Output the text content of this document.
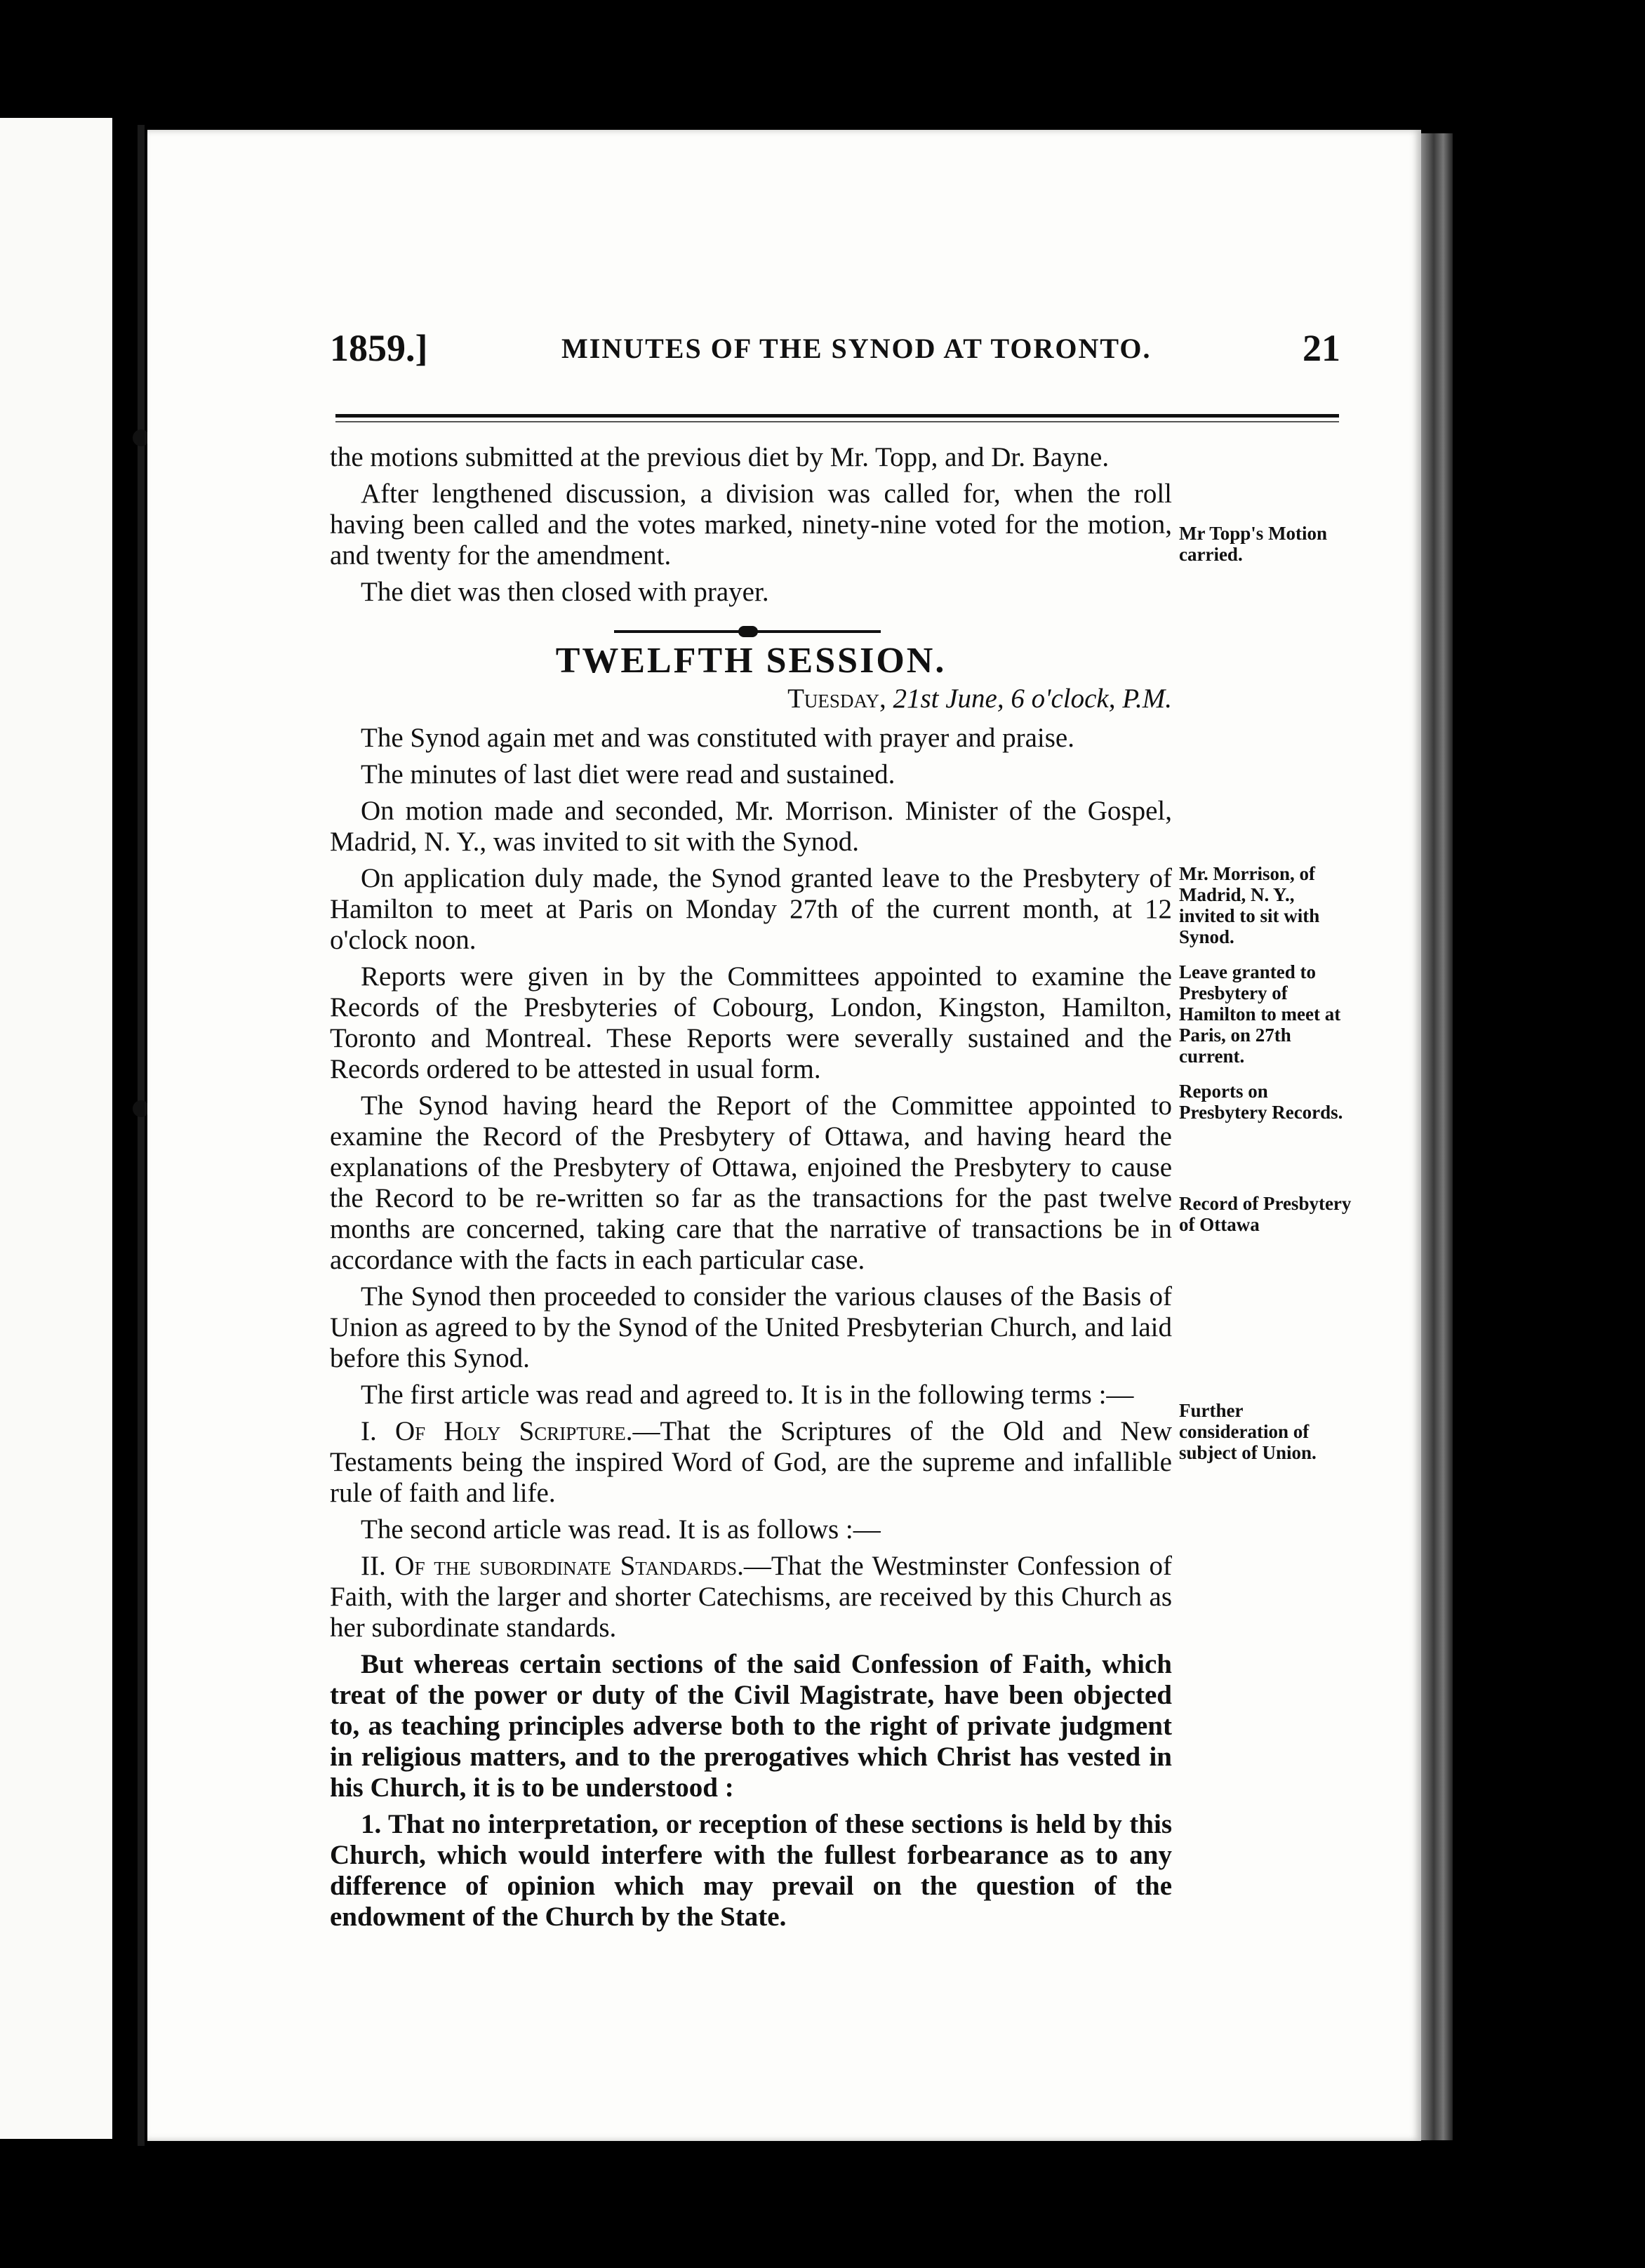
1859.]	MINUTES OF THE SYNOD AT TORONTO.	21

the motions submitted at the previous diet by Mr. Topp, and Dr. Bayne.

After lengthened discussion, a division was called for, when the roll having been called and the votes marked, ninety-nine voted for the motion, and twenty for the amendment.

The diet was then closed with prayer.

TWELFTH SESSION.
Tuesday, 21st June, 6 o'clock, P.M.

The Synod again met and was constituted with prayer and praise.

The minutes of last diet were read and sustained.

On motion made and seconded, Mr. Morrison. Minister of the Gospel, Madrid, N. Y., was invited to sit with the Synod.

On application duly made, the Synod granted leave to the Presbytery of Hamilton to meet at Paris on Monday 27th of the current month, at 12 o'clock noon.

Reports were given in by the Committees appointed to examine the Records of the Presbyteries of Cobourg, London, Kingston, Hamilton, Toronto and Montreal. These Reports were severally sustained and the Records ordered to be attested in usual form.

The Synod having heard the Report of the Committee appointed to examine the Record of the Presbytery of Ottawa, and having heard the explanations of the Presbytery of Ottawa, enjoined the Presbytery to cause the Record to be re-written so far as the transactions for the past twelve months are concerned, taking care that the narrative of transactions be in accordance with the facts in each particular case.

The Synod then proceeded to consider the various clauses of the Basis of Union as agreed to by the Synod of the United Presbyterian Church, and laid before this Synod.

The first article was read and agreed to. It is in the following terms :—

I. Of Holy Scripture.—That the Scriptures of the Old and New Testaments being the inspired Word of God, are the supreme and infallible rule of faith and life.

The second article was read. It is as follows :—

II. Of the subordinate Standards.—That the Westminster Confession of Faith, with the larger and shorter Catechisms, are received by this Church as her subordinate standards.

But whereas certain sections of the said Confession of Faith, which treat of the power or duty of the Civil Magistrate, have been objected to, as teaching principles adverse both to the right of private judgment in religious matters, and to the prerogatives which Christ has vested in his Church, it is to be understood :

1. That no interpretation, or reception of these sections is held by this Church, which would interfere with the fullest forbearance as to any difference of opinion which may prevail on the question of the endowment of the Church by the State.

Mr Topp's Motion carried.
Mr. Morrison, of Madrid, N. Y., invited to sit with Synod.
Leave granted to Presbytery of Hamilton to meet at Paris, on 27th current.
Reports on Presbytery Records.
Record of Presbytery of Ottawa
Further consideration of subject of Union.
